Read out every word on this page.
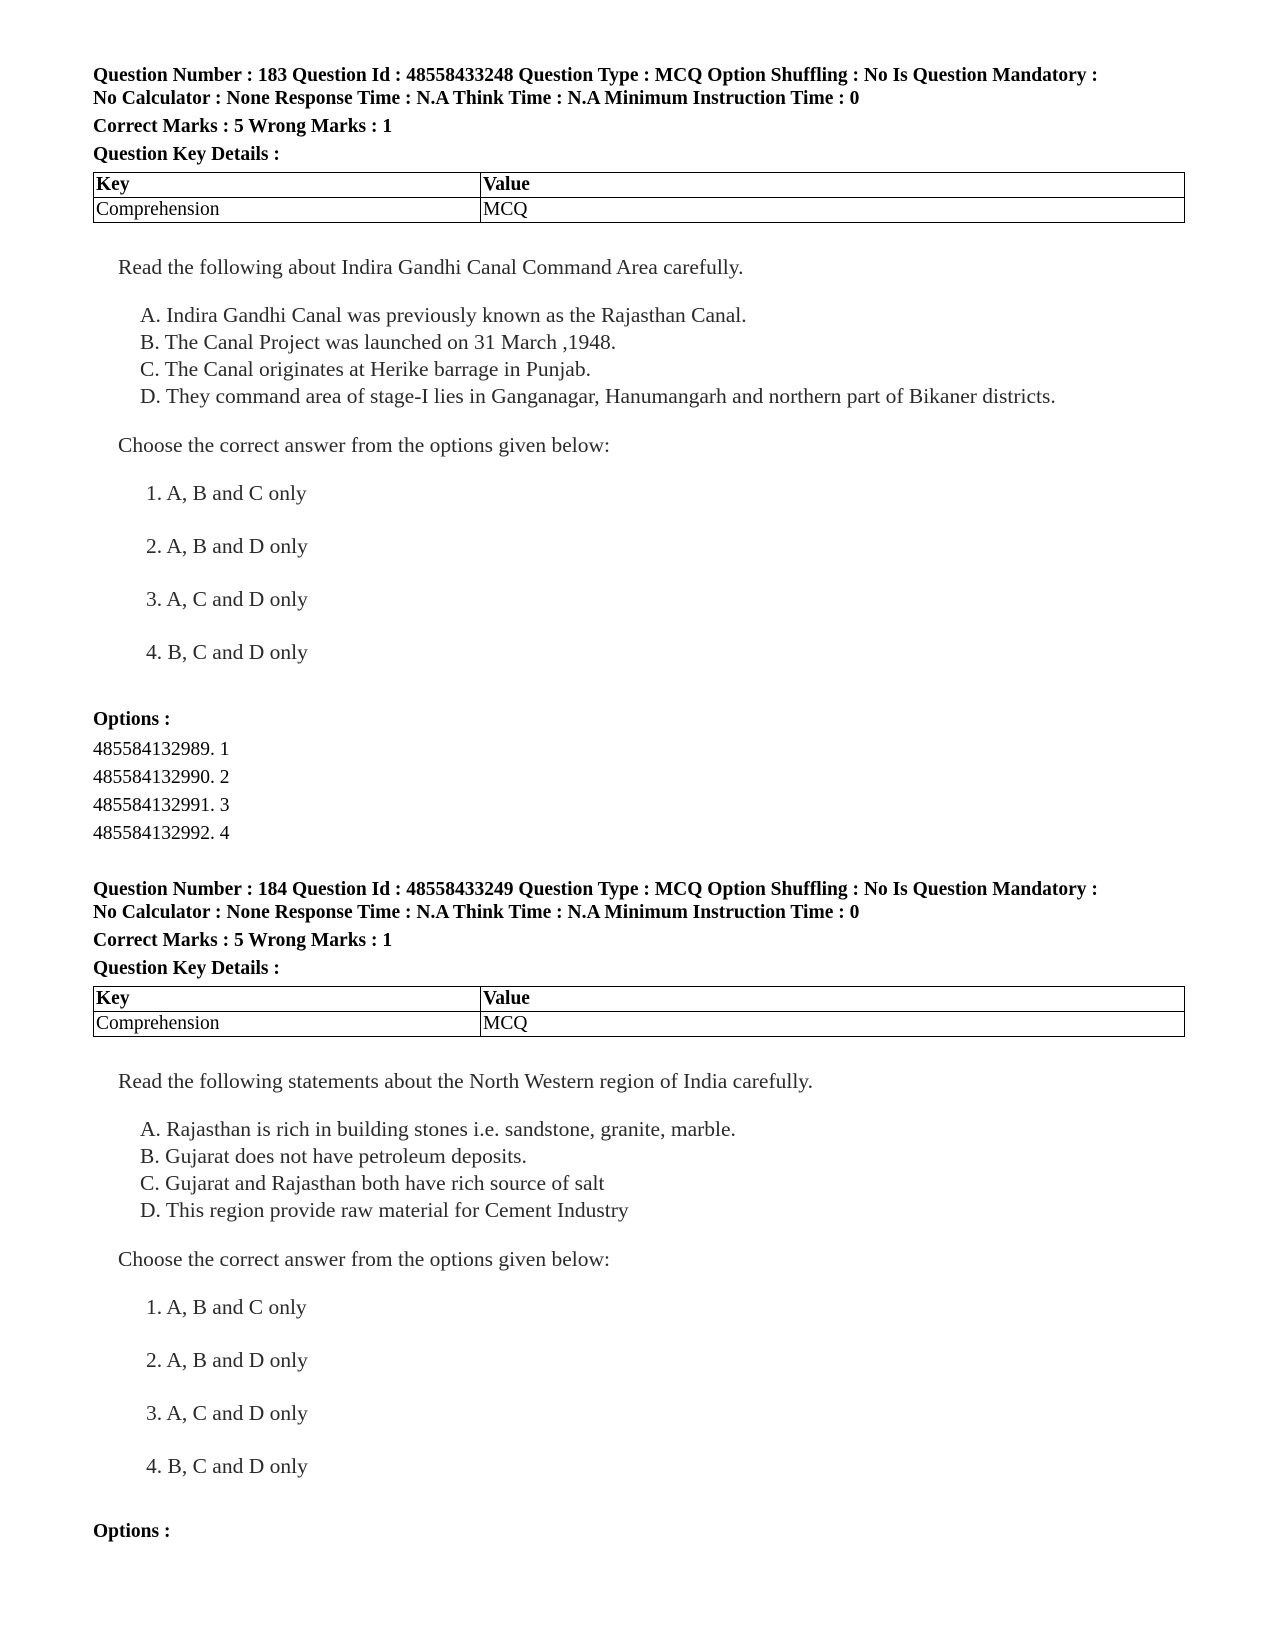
Question Number : 183 Question Id : 48558433248 Question Type : MCQ Option Shuffling : No Is Question Mandatory :

No Calculator : None Response Time : N.A Think Time : N.A Minimum Instruction Time : 0

Correct Marks : 5 Wrong Marks : 1

Question Key Details :

Key	Value
Comprehension	MCQ

Read the following about Indira Gandhi Canal Command Area carefully.

A. Indira Gandhi Canal was previously known as the Rajasthan Canal.
B. The Canal Project was launched on 31 March ,1948.
C. The Canal originates at Herike barrage in Punjab.
D. They command area of stage-I lies in Ganganagar, Hanumangarh and northern part of Bikaner districts.

Choose the correct answer from the options given below:

1. A, B and C only
2. A, B and D only
3. A, C and D only
4. B, C and D only

Options :

485584132989. 1
485584132990. 2
485584132991. 3
485584132992. 4

Question Number : 184 Question Id : 48558433249 Question Type : MCQ Option Shuffling : No Is Question Mandatory :

No Calculator : None Response Time : N.A Think Time : N.A Minimum Instruction Time : 0

Correct Marks : 5 Wrong Marks : 1

Question Key Details :

Key	Value
Comprehension	MCQ

Read the following statements about the North Western region of India carefully.

A. Rajasthan is rich in building stones i.e. sandstone, granite, marble.
B. Gujarat does not have petroleum deposits.
C. Gujarat and Rajasthan both have rich source of salt
D. This region provide raw material for Cement Industry

Choose the correct answer from the options given below:

1. A, B and C only
2. A, B and D only
3. A, C and D only
4. B, C and D only

Options :
